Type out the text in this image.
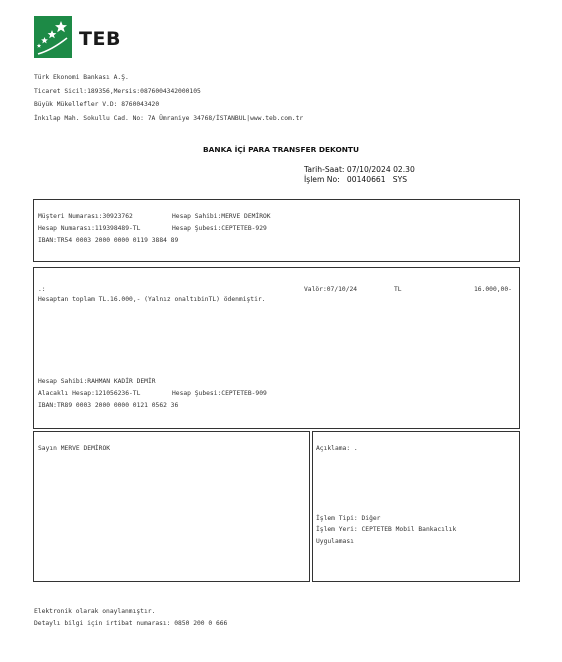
TEB
Türk Ekonomi Bankası A.Ş.
Ticaret Sicil:189356,Mersis:0876004342000105
Büyük Mükellefler V.D: 8760043420
İnkılap Mah. Sokullu Cad. No: 7A Ümraniye 34768/İSTANBUL|www.teb.com.tr
BANKA İÇİ PARA TRANSFER DEKONTU
Tarih-Saat: 07/10/2024 02.30
İşlem No:   00140661   SYS
Müşteri Numarası:30923762	Hesap Sahibi:MERVE DEMİROK
Hesap Numarası:119398489-TL	Hesap Şubesi:CEPTETEB-929
IBAN:TR54 0003 2000 0000 0119 3884 89
.:	Valör:07/10/24	TL	16.000,00-
Hesaptan toplam TL.16.000,- (Yalnız onaltıbinTL) ödenmiştir.
Hesap Sahibi:RAHMAN KADİR DEMİR
Alacaklı Hesap:121056236-TL	Hesap Şubesi:CEPTETEB-909
IBAN:TR89 0003 2000 0000 0121 0562 36
Sayın MERVE DEMİROK	Açıklama: .
İşlem Tipi: Diğer
İşlem Yeri: CEPTETEB Mobil Bankacılık
Uygulaması
Elektronik olarak onaylanmıştır.
Detaylı bilgi için irtibat numarası: 0850 200 0 666
